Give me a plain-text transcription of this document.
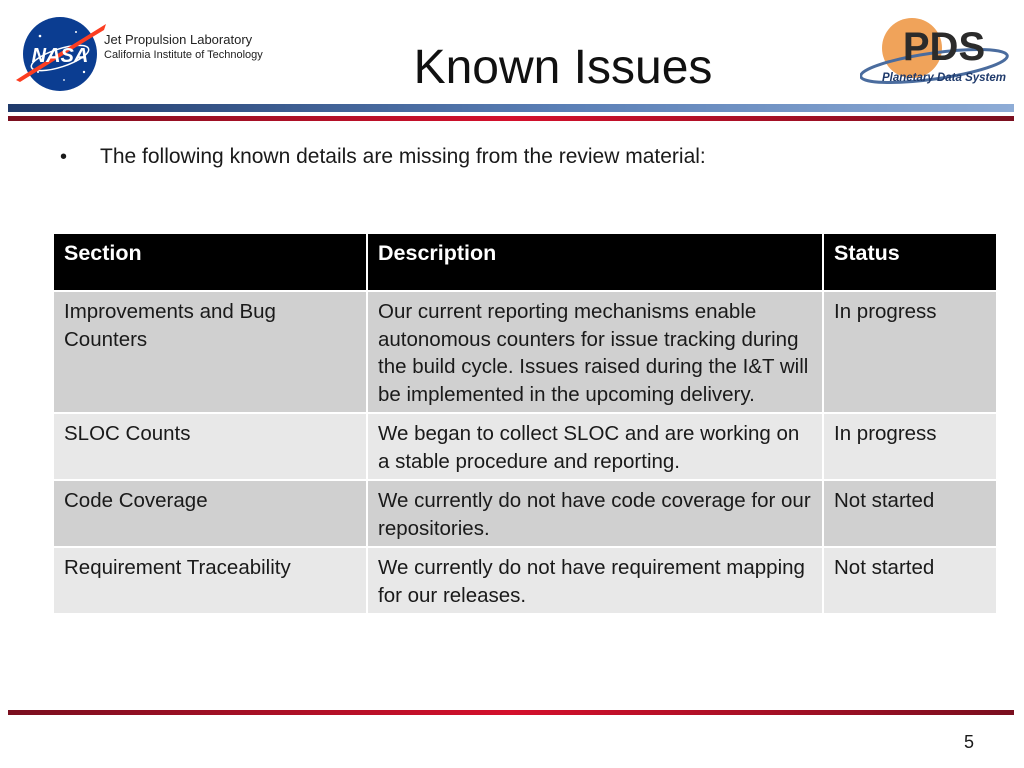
NASA
Jet Propulsion Laboratory
California Institute of Technology	Known Issues	PDS
Planetary Data System
• The following known details are missing from the review material:
Section	Description	Status
Improvements and Bug Counters	Our current reporting mechanisms enable autonomous counters for issue tracking during the build cycle. Issues raised during the I&T will be implemented in the upcoming delivery.	In progress
SLOC Counts	We began to collect SLOC and are working on a stable procedure and reporting.	In progress
Code Coverage	We currently do not have code coverage for our repositories.	Not started
Requirement Traceability	We currently do not have requirement mapping for our releases.	Not started
5
